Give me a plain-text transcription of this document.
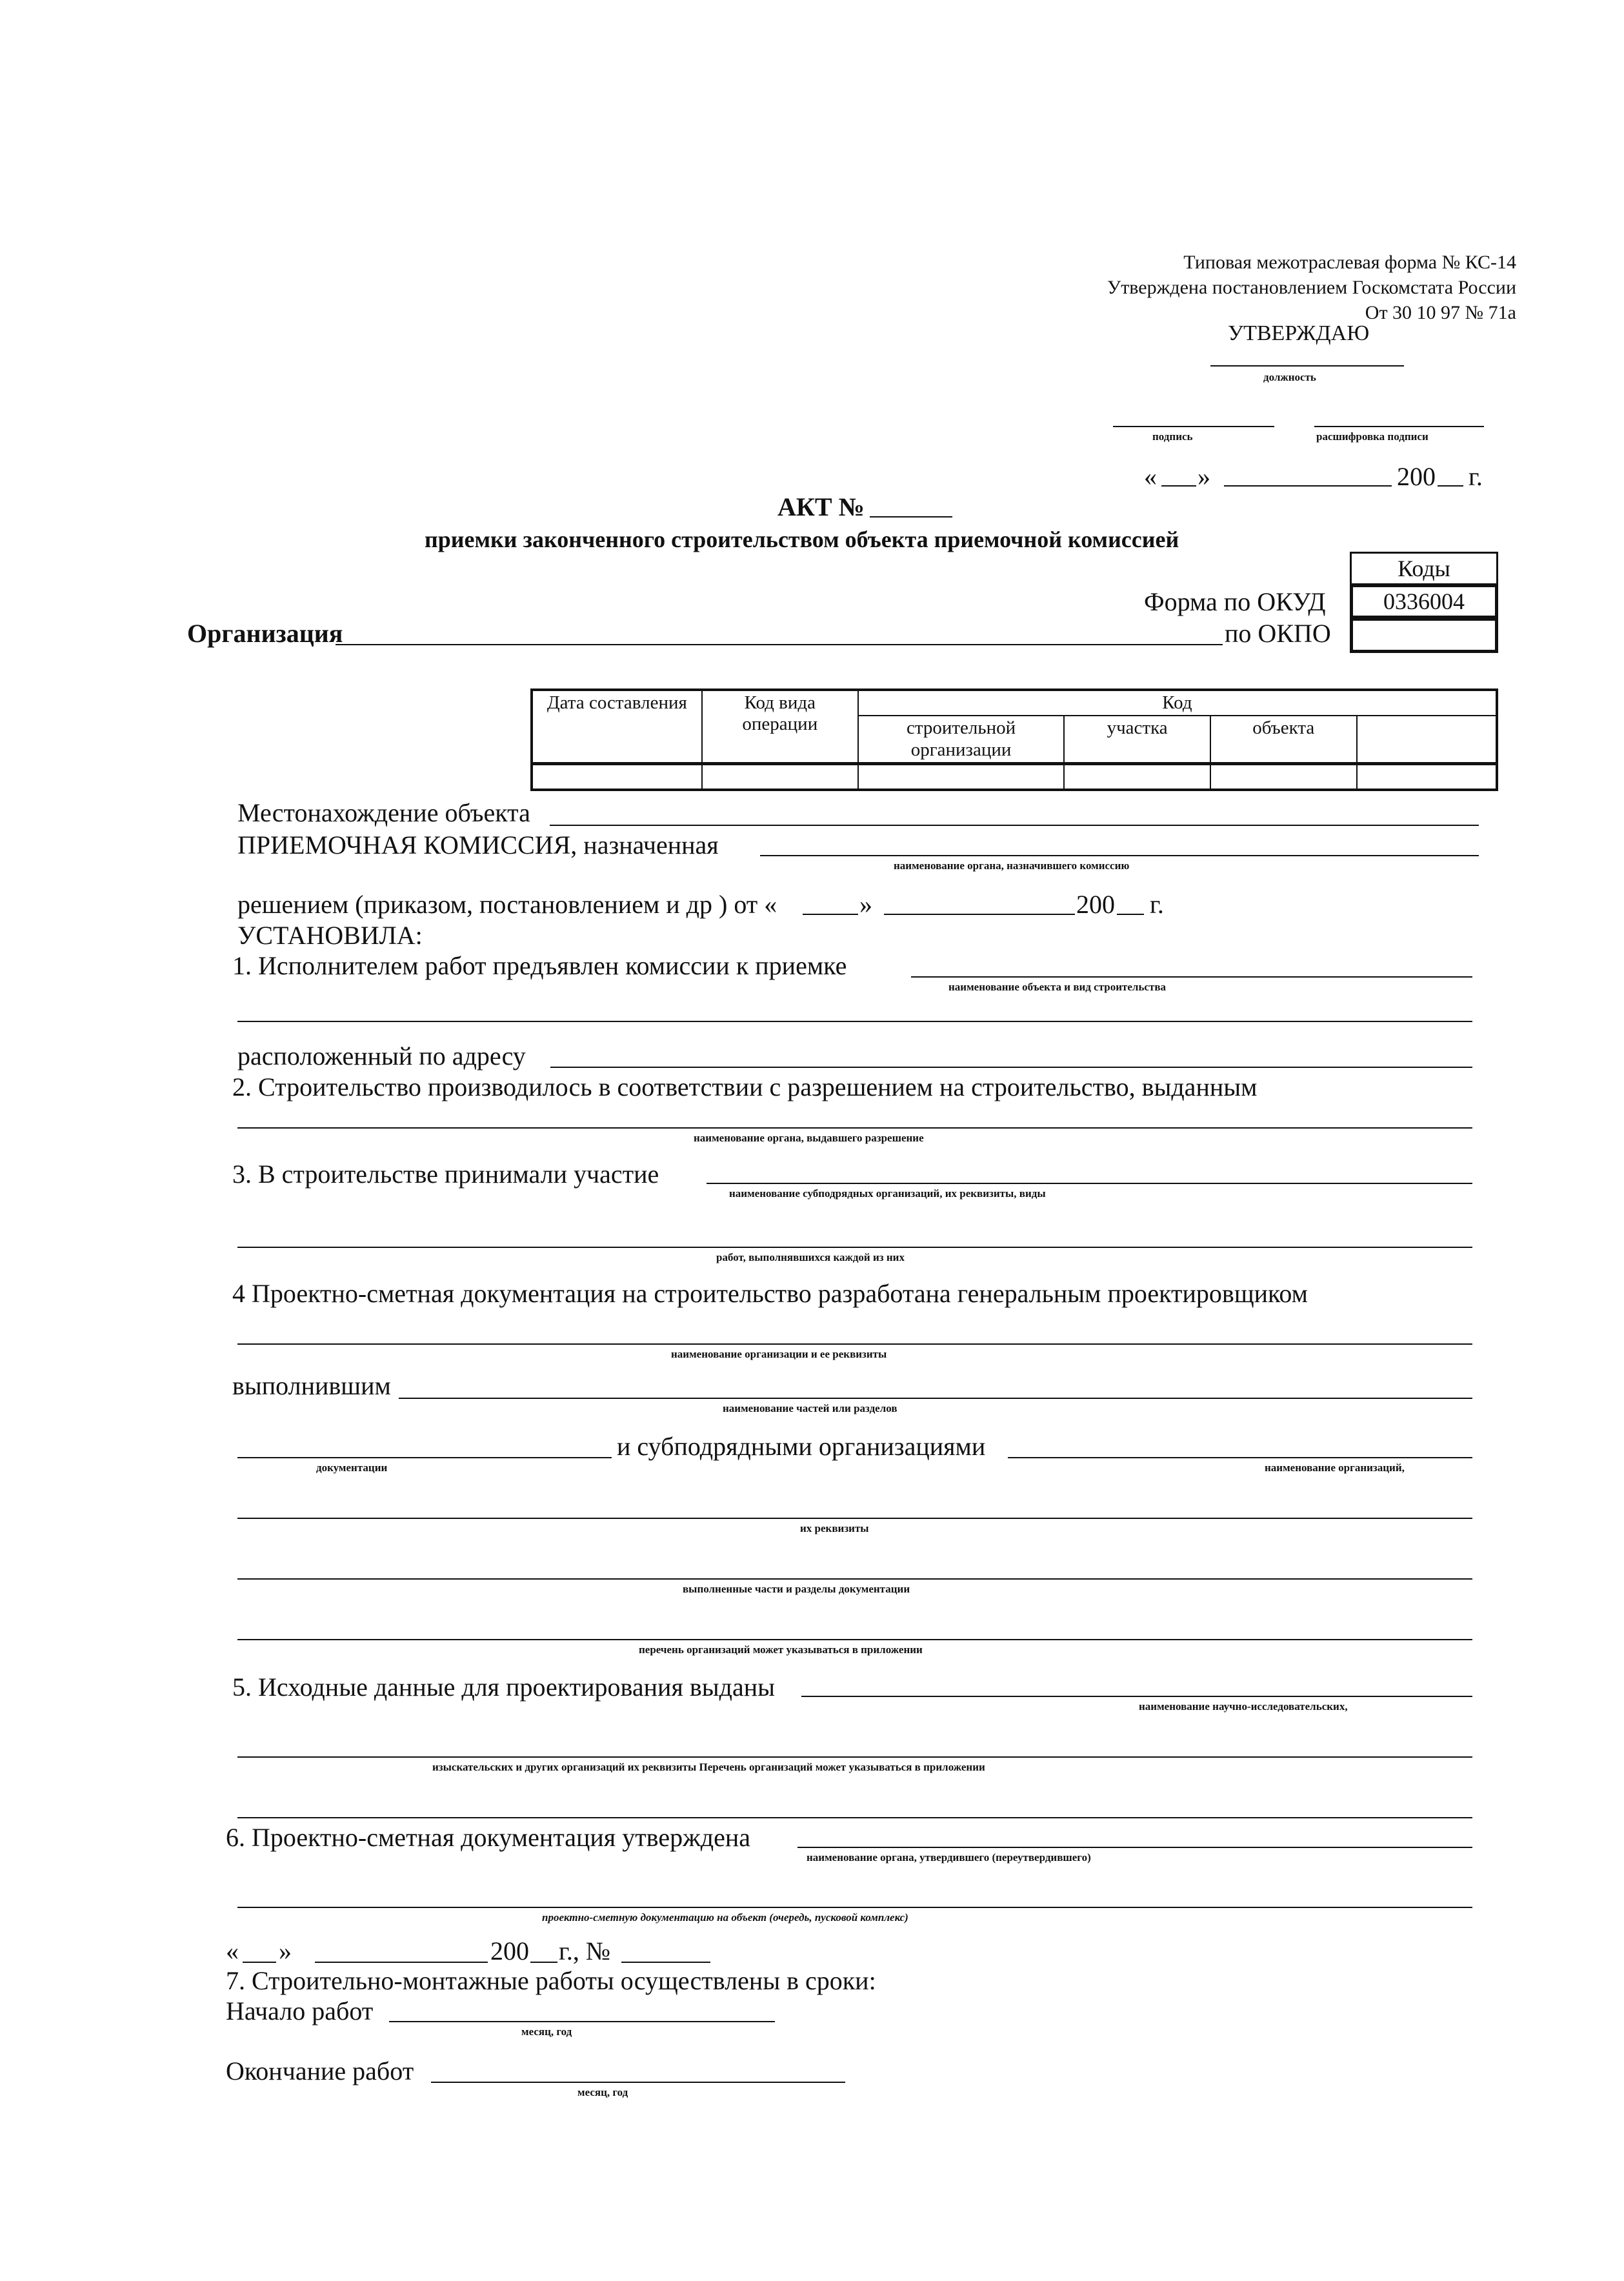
Типовая межотраслевая форма № КС-14
Утверждена постановлением Госкомстата России
От 30 10 97 № 71а
УТВЕРЖДАЮ
должность
подпись	расшифровка подписи
« »	200 г.
АКТ №
приемки законченного строительством объекта приемочной комиссией
Коды
0336004
Форма по ОКУД
по ОКПО
Организация
Дата составления	Код вида операции	Код			
		строительной организации	участка	объекта	

Местонахождение объекта
ПРИЕМОЧНАЯ КОМИССИЯ, назначенная
наименование органа, назначившего комиссию
решением (приказом, постановлением и др ) от «	»	200 г.
УСТАНОВИЛА:
1. Исполнителем работ предъявлен комиссии к приемке
наименование объекта и вид строительства
расположенный по адресу
2. Строительство производилось в соответствии с разрешением на строительство, выданным
наименование органа, выдавшего разрешение
3. В строительстве принимали участие
наименование субподрядных организаций, их реквизиты, виды
работ, выполнявшихся каждой из них
4 Проектно-сметная документация на строительство разработана генеральным проектировщиком
наименование организации и ее реквизиты
выполнившим
наименование частей или разделов
и субподрядными организациями
документации	наименование организаций,
их реквизиты
выполненные части и разделы документации
перечень организаций может указываться в приложении
5. Исходные данные для проектирования выданы
наименование научно-исследовательских,
изыскательских и других организаций их реквизиты Перечень организаций может указываться в приложении
6. Проектно-сметная документация утверждена
наименование органа, утвердившего (переутвердившего)
проектно-сметную документацию на объект (очередь, пусковой комплекс)
« »	200 г., №
7. Строительно-монтажные работы осуществлены в сроки:
Начало работ
месяц, год
Окончание работ
месяц, год
